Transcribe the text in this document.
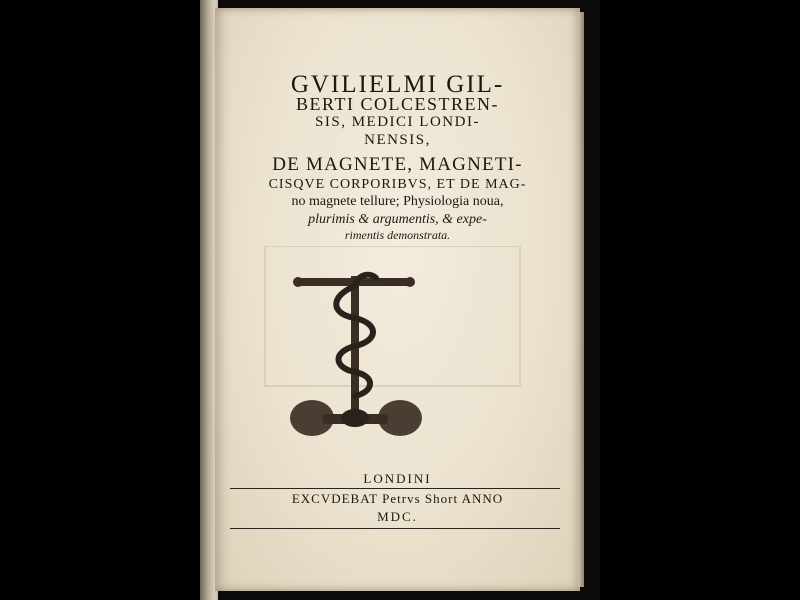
GVILIELMI GIL-
BERTI COLCESTREN-
SIS, MEDICI LONDI-
NENSIS,
DE MAGNETE, MAGNETI-
CISQVE CORPORIBVS, ET DE MAG-
no magnete tellure; Physiologia noua,
plurimis & argumentis, & expe-
rimentis demonstrata.
LONDINI
EXCVDEBAT Petrvs Short ANNO
MDC.
